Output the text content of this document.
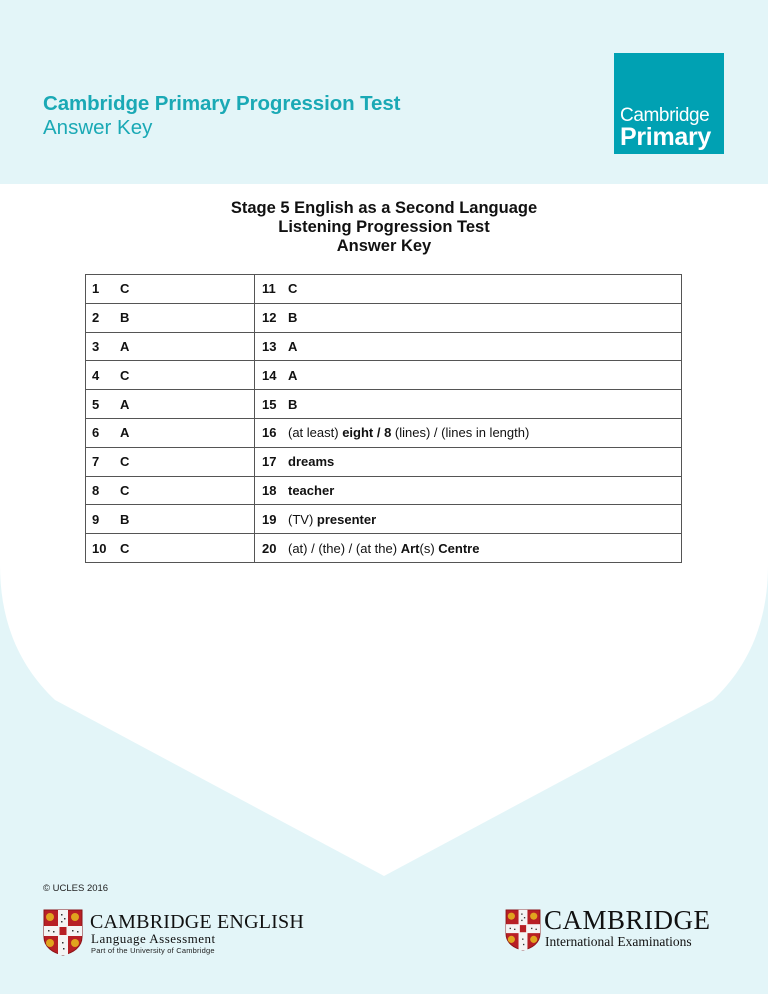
Cambridge Primary Progression Test
Answer Key
Cambridge
Primary
Stage 5 English as a Second Language
Listening Progression Test
Answer Key
1 C	11 C
2 B	12 B
3 A	13 A
4 C	14 A
5 A	15 B
6 A	16 (at least) eight / 8 (lines) / (lines in length)
7 C	17 dreams
8 C	18 teacher
9 B	19 (TV) presenter
10 C	20 (at) / (the) / (at the) Art(s) Centre
© UCLES 2016
CAMBRIDGE ENGLISH
Language Assessment
Part of the University of Cambridge
CAMBRIDGE
International Examinations
